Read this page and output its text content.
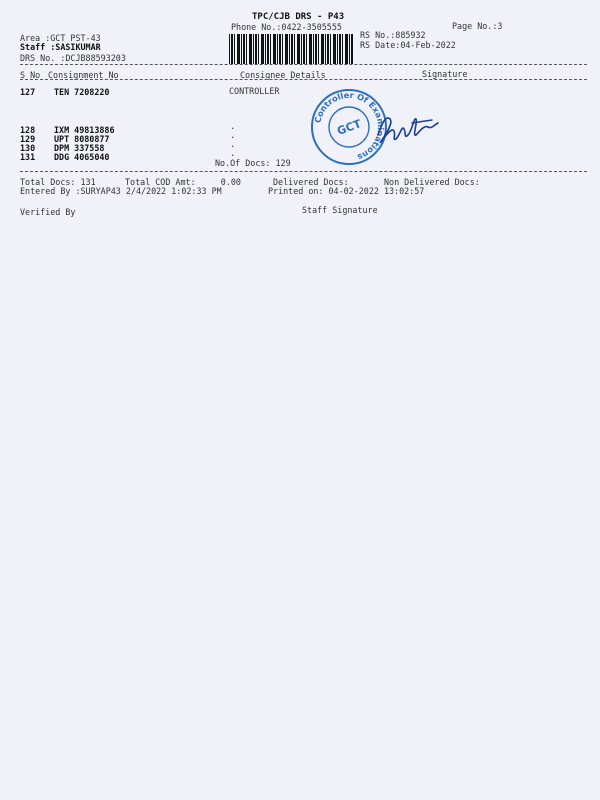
TPC/CJB DRS - P43
Phone No.:0422-3505555	Page No.:3
Area :GCT PST-43
Staff :SASIKUMAR
DRS No. :DCJB88593203
RS No.:885932
RS Date:04-Feb-2022
S No Consignment No	Consignee Details	Signature
127 TEN 7208220	CONTROLLER
128 IXM 49813886
129 UPT 8080877
130 DPM 337558
131 DDG 4065040
.
.
.
.
No.Of Docs: 129
Controller Of Examinations
GCT
Total Docs: 131	Total COD Amt:     0.00	Delivered Docs:	Non Delivered Docs:
Entered By :SURYAP43 2/4/2022 1:02:33 PM	Printed on: 04-02-2022 13:02:57
Verified By	Staff Signature
